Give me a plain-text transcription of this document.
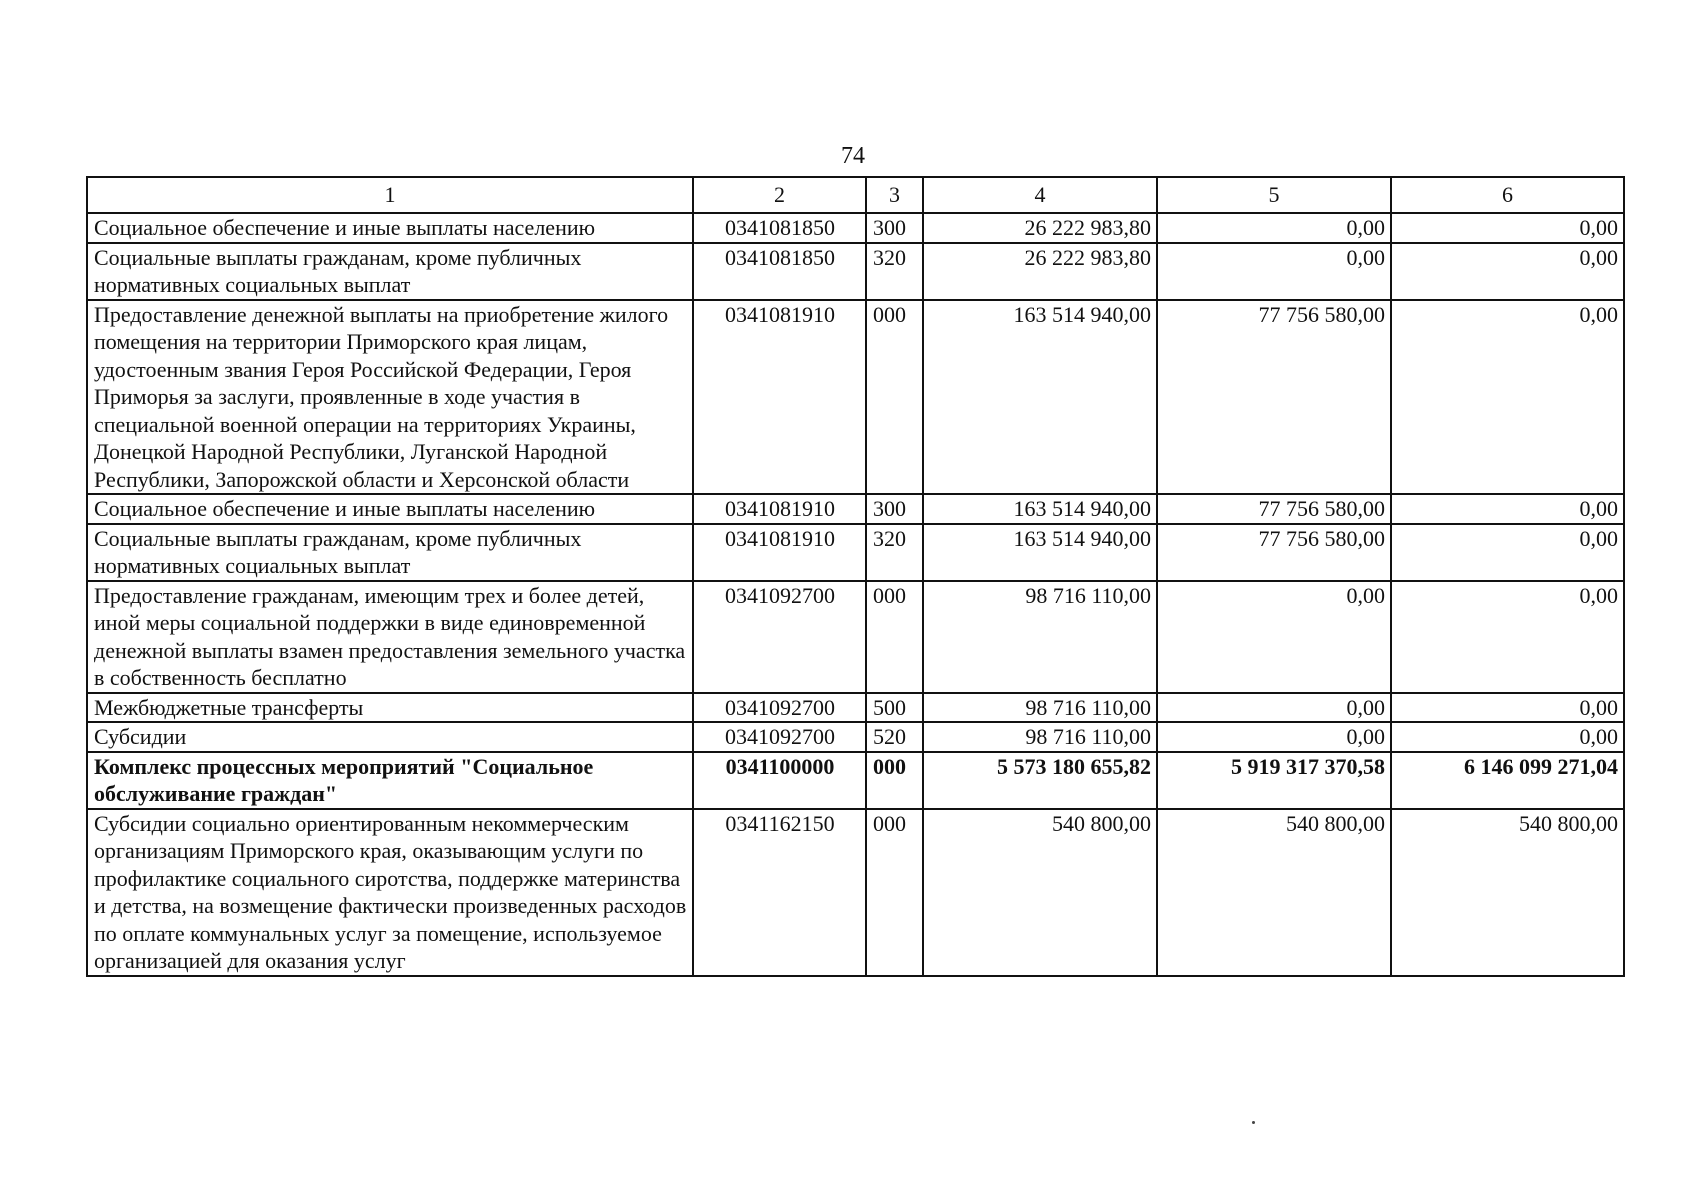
74
1	2	3	4	5	6
Социальное обеспечение и иные выплаты населению	0341081850	300	26 222 983,80	0,00	0,00
Социальные выплаты гражданам, кроме публичных нормативных социальных выплат	0341081850	320	26 222 983,80	0,00	0,00
Предоставление денежной выплаты на приобретение жилого помещения на территории Приморского края лицам, удостоенным звания Героя Российской Федерации, Героя Приморья за заслуги, проявленные в ходе участия в специальной военной операции на территориях Украины, Донецкой Народной Республики, Луганской Народной Республики, Запорожской области и Херсонской области	0341081910	000	163 514 940,00	77 756 580,00	0,00
Социальное обеспечение и иные выплаты населению	0341081910	300	163 514 940,00	77 756 580,00	0,00
Социальные выплаты гражданам, кроме публичных нормативных социальных выплат	0341081910	320	163 514 940,00	77 756 580,00	0,00
Предоставление гражданам, имеющим трех и более детей, иной меры социальной поддержки в виде единовременной денежной выплаты взамен предоставления земельного участка в собственность бесплатно	0341092700	000	98 716 110,00	0,00	0,00
Межбюджетные трансферты	0341092700	500	98 716 110,00	0,00	0,00
Субсидии	0341092700	520	98 716 110,00	0,00	0,00
Комплекс процессных мероприятий "Социальное обслуживание граждан"	0341100000	000	5 573 180 655,82	5 919 317 370,58	6 146 099 271,04
Субсидии социально ориентированным некоммерческим организациям Приморского края, оказывающим услуги по профилактике социального сиротства, поддержке материнства и детства, на возмещение фактически произведенных расходов по оплате коммунальных услуг за помещение, используемое организацией для оказания услуг	0341162150	000	540 800,00	540 800,00	540 800,00
